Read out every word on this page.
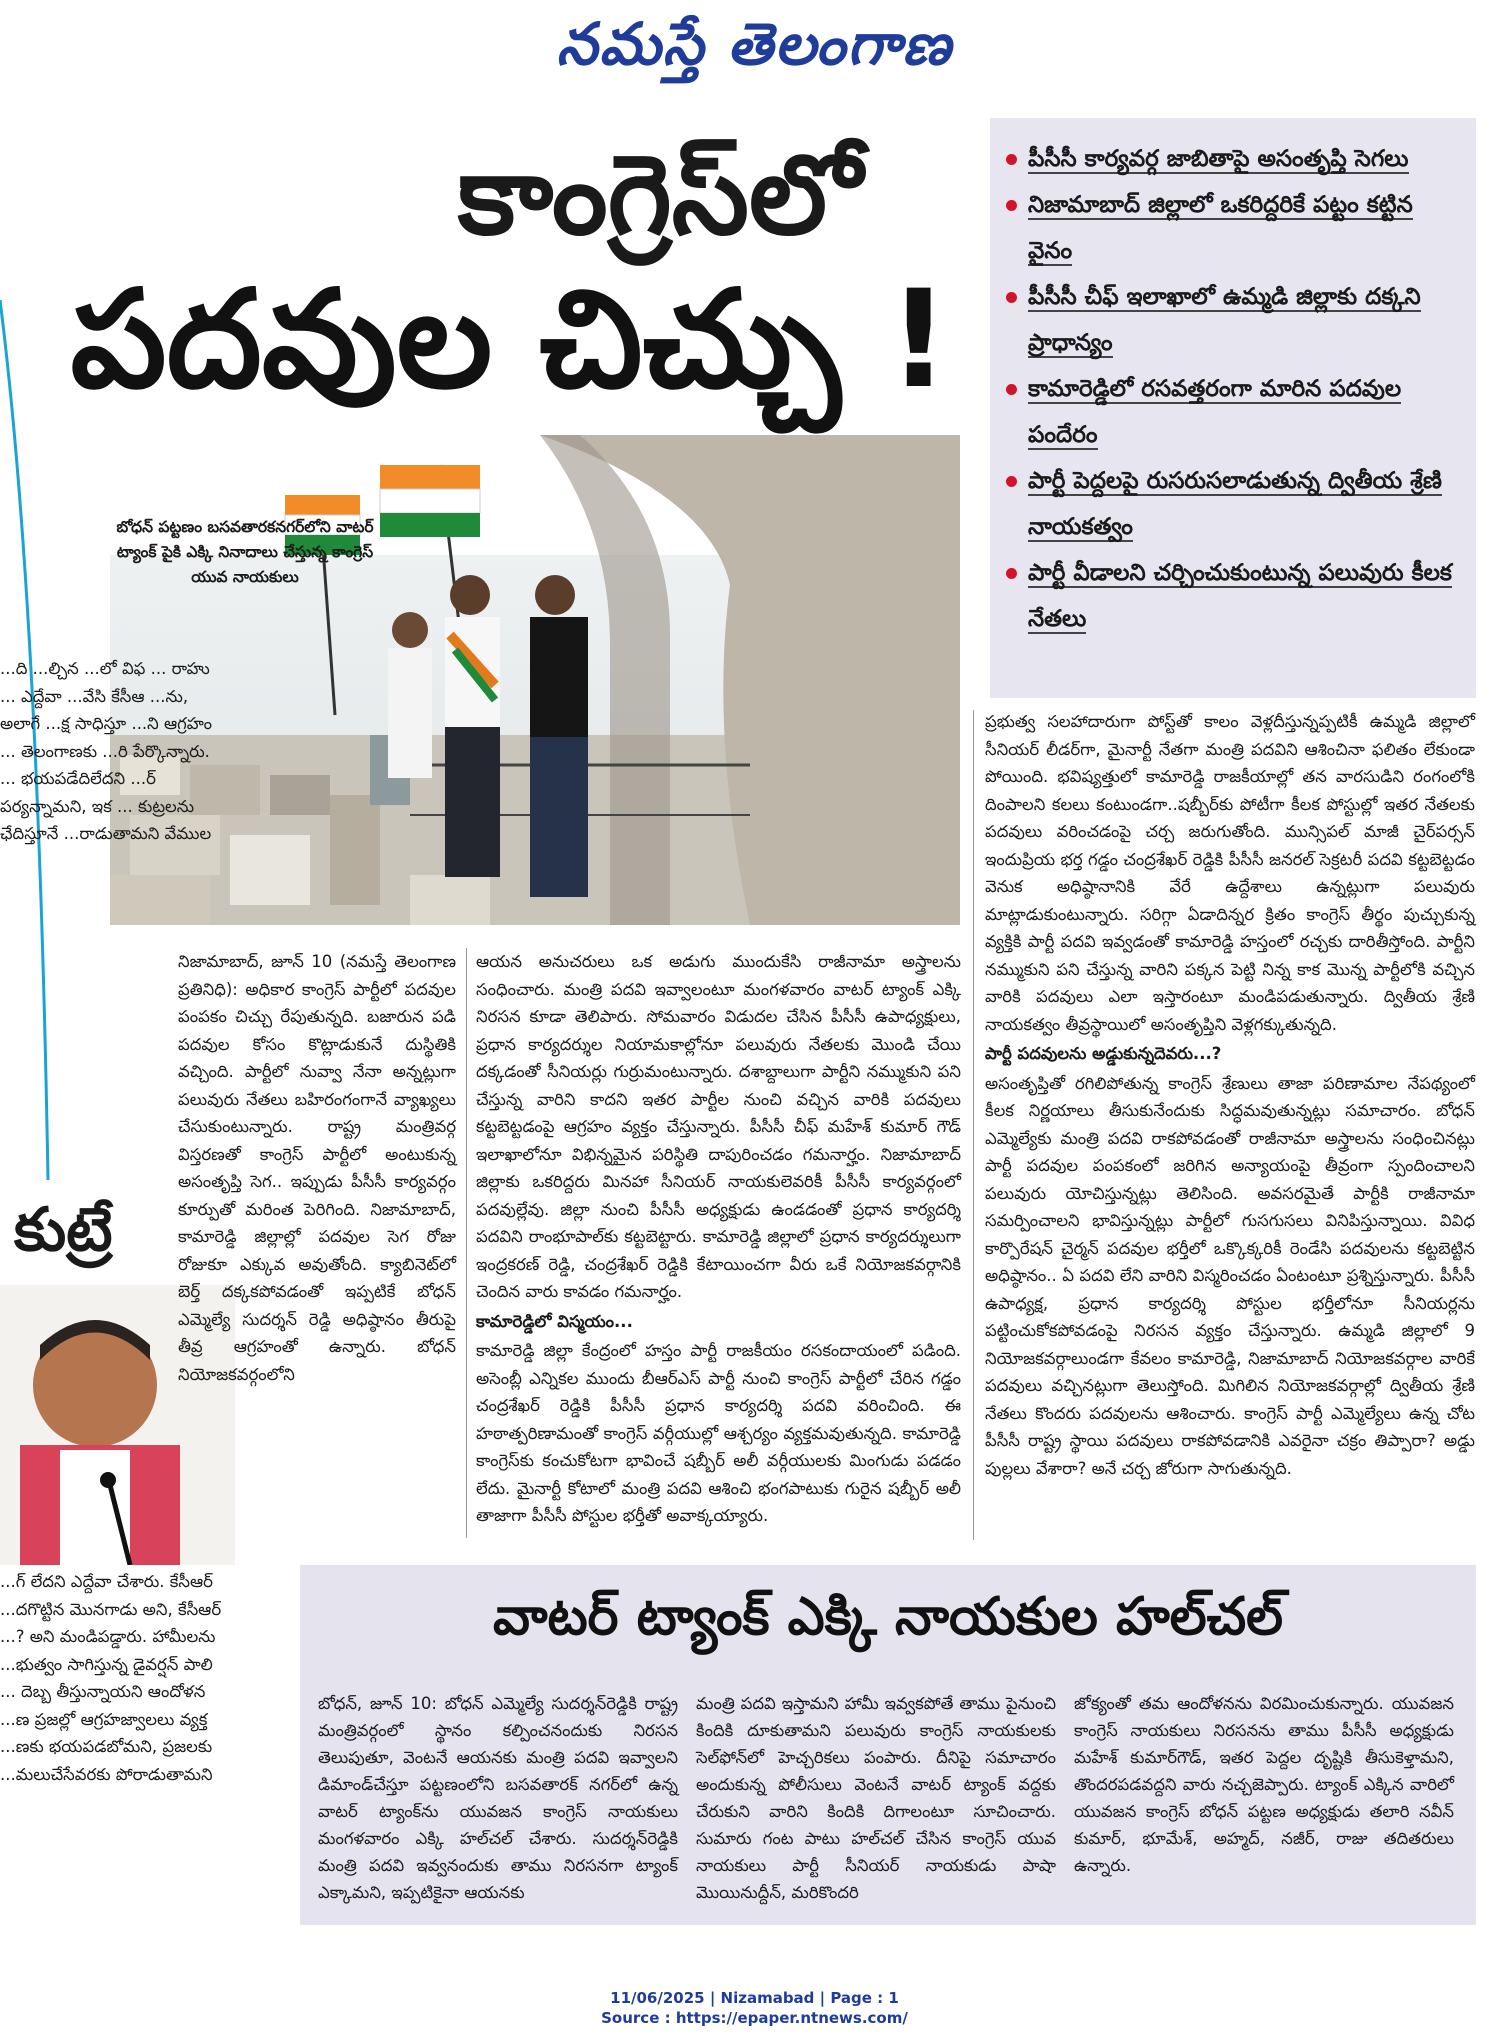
నమస్తే తెలంగాణ
కాంగ్రెస్‌లో
పదవుల చిచ్చు !
పీసీసీ కార్యవర్గ జాబితాపై అసంతృప్తి సెగలు
నిజామాబాద్ జిల్లాలో ఒకరిద్దరికే పట్టం కట్టిన వైనం
పీసీసీ చీఫ్ ఇలాఖాలో ఉమ్మడి జిల్లాకు దక్కని ప్రాధాన్యం
కామారెడ్డిలో రసవత్తరంగా మారిన పదవుల పందేరం
పార్టీ పెద్దలపై రుసరుసలాడుతున్న ద్వితీయ శ్రేణి నాయకత్వం
పార్టీ వీడాలని చర్చించుకుంటున్న పలువురు కీలక నేతలు
బోధన్ పట్టణం బసవతారకనగర్‌లోని వాటర్ ట్యాంక్ పైకి ఎక్కి నినాదాలు చేస్తున్న కాంగ్రెస్ యువ నాయకులు
...ది ...ల్చిన ...లో విఫ ... రాహు ... ఎద్దేవా ...వేసి కేసీఆ ...ను, అలాగే ...క్ష సాధిస్తూ ...ని ఆగ్రహం ... తెలంగాణకు ...రి పేర్కొన్నారు. ... భయపడేదిలేదని ...ర్ పర్యన్నామని, ఇక ... కుట్రలను ఛేదిస్తూనే ...రాడుతామని వేముల
కుట్రే
...గ్ లేదని ఎద్దేవా చేశారు. కేసీఆర్ ...దగొట్టిన మొనగాడు అని, కేసీఆర్ ...? అని మండిపడ్డారు. హామీలను ...భుత్వం సాగిస్తున్న డైవర్షన్ పాలి ... దెబ్బ తీస్తున్నాయని ఆందోళన ...ణ ప్రజల్లో ఆగ్రహజ్వాలలు వ్యక్త ...ణకు భయపడబోమని, ప్రజలకు ...మలుచేసేవరకు పోరాడుతామని

నిజామాబాద్, జూన్ 10 (నమస్తే తెలంగాణ ప్రతినిధి): అధికార కాంగ్రెస్ పార్టీలో పదవుల పంపకం చిచ్చు రేపుతున్నది. బజారున పడి పదవుల కోసం కొట్లాడుకునే దుస్థితికి వచ్చింది. పార్టీలో నువ్వా నేనా అన్నట్లుగా పలువురు నేతలు బహిరంగంగానే వ్యాఖ్యలు చేసుకుంటున్నారు. రాష్ట్ర మంత్రివర్గ విస్తరణతో కాంగ్రెస్ పార్టీలో అంటుకున్న అసంతృప్తి సెగ.. ఇప్పుడు పీసీసీ కార్యవర్గం కూర్పుతో మరింత పెరిగింది. నిజామాబాద్, కామారెడ్డి జిల్లాల్లో పదవుల సెగ రోజు రోజుకూ ఎక్కువ అవుతోంది. క్యాబినెట్‌లో బెర్త్ దక్కకపోవడంతో ఇప్పటికే బోధన్ ఎమ్మెల్యే సుదర్శన్ రెడ్డి అధిష్ఠానం తీరుపై తీవ్ర ఆగ్రహంతో ఉన్నారు. బోధన్ నియోజకవర్గంలోని

ఆయన అనుచరులు ఒక అడుగు ముందుకేసి రాజీనామా అస్త్రాలను సంధించారు. మంత్రి పదవి ఇవ్వాలంటూ మంగళవారం వాటర్ ట్యాంక్ ఎక్కి నిరసన కూడా తెలిపారు. సోమవారం విడుదల చేసిన పీసీసీ ఉపాధ్యక్షులు, ప్రధాన కార్యదర్శుల నియామకాల్లోనూ పలువురు నేతలకు మొండి చేయి దక్కడంతో సీనియర్లు గుర్రుమంటున్నారు. దశాబ్దాలుగా పార్టీని నమ్ముకుని పని చేస్తున్న వారిని కాదని ఇతర పార్టీల నుంచి వచ్చిన వారికి పదవులు కట్టబెట్టడంపై ఆగ్రహం వ్యక్తం చేస్తున్నారు. పీసీసీ చీఫ్ మహేశ్ కుమార్ గౌడ్ ఇలాఖాలోనూ విభిన్నమైన పరిస్థితి దాపురించడం గమనార్హం. నిజామాబాద్ జిల్లాకు ఒకరిద్దరు మినహా సీనియర్ నాయకులెవరికీ పీసీసీ కార్యవర్గంలో పదవుల్లేవు. జిల్లా నుంచి పీసీసీ అధ్యక్షుడు ఉండడంతో ప్రధాన కార్యదర్శి పదవిని రాంభూపాల్‌కు కట్టబెట్టారు. కామారెడ్డి జిల్లాలో ప్రధాన కార్యదర్శులుగా ఇంద్రకరణ్ రెడ్డి, చంద్రశేఖర్ రెడ్డికి కేటాయించగా వీరు ఒకే నియోజకవర్గానికి చెందిన వారు కావడం గమనార్హం.

కామారెడ్డిలో విస్మయం...

కామారెడ్డి జిల్లా కేంద్రంలో హస్తం పార్టీ రాజకీయం రసకందాయంలో పడింది. అసెంబ్లీ ఎన్నికల ముందు బీఆర్ఎస్ పార్టీ నుంచి కాంగ్రెస్ పార్టీలో చేరిన గడ్డం చంద్రశేఖర్ రెడ్డికి పీసీసీ ప్రధాన కార్యదర్శి పదవి వరించింది. ఈ హఠాత్పరిణామంతో కాంగ్రెస్ వర్గీయుల్లో ఆశ్చర్యం వ్యక్తమవుతున్నది. కామారెడ్డి కాంగ్రెస్‌కు కంచుకోటగా భావించే షబ్బీర్ అలీ వర్గీయులకు మింగుడు పడడం లేదు. మైనార్టీ కోటాలో మంత్రి పదవి ఆశించి భంగపాటుకు గురైన షబ్బీర్ అలీ తాజాగా పీసీసీ పోస్టుల భర్తీతో అవాక్కయ్యారు.

ప్రభుత్వ సలహాదారుగా పోస్ట్‌తో కాలం వెళ్లదీస్తున్నప్పటికీ ఉమ్మడి జిల్లాలో సీనియర్ లీడర్‌గా, మైనార్టీ నేతగా మంత్రి పదవిని ఆశించినా ఫలితం లేకుండా పోయింది. భవిష్యత్తులో కామారెడ్డి రాజకీయాల్లో తన వారసుడిని రంగంలోకి దింపాలని కలలు కంటుండగా..షబ్బీర్‌కు పోటీగా కీలక పోస్టుల్లో ఇతర నేతలకు పదవులు వరించడంపై చర్చ జరుగుతోంది. మున్సిపల్ మాజీ చైర్‌పర్సన్ ఇందుప్రియ భర్త గడ్డం చంద్రశేఖర్ రెడ్డికి పీసీసీ జనరల్ సెక్రటరీ పదవి కట్టబెట్టడం వెనుక అధిష్ఠానానికి వేరే ఉద్దేశాలు ఉన్నట్లుగా పలువురు మాట్లాడుకుంటున్నారు. సరిగ్గా ఏడాదిన్నర క్రితం కాంగ్రెస్ తీర్థం పుచ్చుకున్న వ్యక్తికి పార్టీ పదవి ఇవ్వడంతో కామారెడ్డి హస్తంలో రచ్చకు దారితీస్తోంది. పార్టీని నమ్ముకుని పని చేస్తున్న వారిని పక్కన పెట్టి నిన్న కాక మొన్న పార్టీలోకి వచ్చిన వారికి పదవులు ఎలా ఇస్తారంటూ మండిపడుతున్నారు. ద్వితీయ శ్రేణి నాయకత్వం తీవ్రస్థాయిలో అసంతృప్తిని వెళ్లగక్కుతున్నది.

పార్టీ పదవులను అడ్డుకున్నదెవరు...?

అసంతృప్తితో రగిలిపోతున్న కాంగ్రెస్ శ్రేణులు తాజా పరిణామాల నేపథ్యంలో కీలక నిర్ణయాలు తీసుకునేందుకు సిద్ధమవుతున్నట్లు సమాచారం. బోధన్ ఎమ్మెల్యేకు మంత్రి పదవి రాకపోవడంతో రాజీనామా అస్త్రాలను సంధించినట్లు పార్టీ పదవుల పంపకంలో జరిగిన అన్యాయంపై తీవ్రంగా స్పందించాలని పలువురు యోచిస్తున్నట్లు తెలిసింది. అవసరమైతే పార్టీకి రాజీనామా సమర్పించాలని భావిస్తున్నట్లు పార్టీలో గుసగుసలు వినిపిస్తున్నాయి. వివిధ కార్పొరేషన్ చైర్మన్ పదవుల భర్తీలో ఒక్కొక్కరికీ రెండేసి పదవులను కట్టబెట్టిన అధిష్ఠానం.. ఏ పదవి లేని వారిని విస్మరించడం ఏంటంటూ ప్రశ్నిస్తున్నారు. పీసీసీ ఉపాధ్యక్ష, ప్రధాన కార్యదర్శి పోస్టుల భర్తీలోనూ సీనియర్లను పట్టించుకోకపోవడంపై నిరసన వ్యక్తం చేస్తున్నారు. ఉమ్మడి జిల్లాలో 9 నియోజకవర్గాలుండగా కేవలం కామారెడ్డి, నిజామాబాద్ నియోజకవర్గాల వారికే పదవులు వచ్చినట్లుగా తెలుస్తోంది. మిగిలిన నియోజకవర్గాల్లో ద్వితీయ శ్రేణి నేతలు కొందరు పదవులను ఆశించారు. కాంగ్రెస్ పార్టీ ఎమ్మెల్యేలు ఉన్న చోట పీసీసీ రాష్ట్ర స్థాయి పదవులు రాకపోవడానికి ఎవరైనా చక్రం తిప్పారా? అడ్డు పుల్లలు వేశారా? అనే చర్చ జోరుగా సాగుతున్నది.

వాటర్ ట్యాంక్ ఎక్కి నాయకుల హల్‌చల్
బోధన్, జూన్ 10: బోధన్ ఎమ్మెల్యే సుదర్శన్‌రెడ్డికి రాష్ట్ర మంత్రివర్గంలో స్థానం కల్పించనందుకు నిరసన తెలుపుతూ, వెంటనే ఆయనకు మంత్రి పదవి ఇవ్వాలని డిమాండ్‌చేస్తూ పట్టణంలోని బసవతారక్ నగర్‌లో ఉన్న వాటర్ ట్యాంక్‌ను యువజన కాంగ్రెస్ నాయకులు మంగళవారం ఎక్కి హల్‌చల్ చేశారు. సుదర్శన్‌రెడ్డికి మంత్రి పదవి ఇవ్వనందుకు తాము నిరసనగా ట్యాంక్ ఎక్కామని, ఇప్పటికైనా ఆయనకు
మంత్రి పదవి ఇస్తామని హామీ ఇవ్వకపోతే తాము పైనుంచి కిందికి దూకుతామని పలువురు కాంగ్రెస్ నాయకులకు సెల్‌ఫోన్‌లో హెచ్చరికలు పంపారు. దీనిపై సమాచారం అందుకున్న పోలీసులు వెంటనే వాటర్ ట్యాంక్ వద్దకు చేరుకుని వారిని కిందికి దిగాలంటూ సూచించారు. సుమారు గంట పాటు హల్‌చల్ చేసిన కాంగ్రెస్ యువ నాయకులు పార్టీ సీనియర్ నాయకుడు పాషా మొయినుద్దీన్, మరికొందరి
జోక్యంతో తమ ఆందోళనను విరమించుకున్నారు. యువజన కాంగ్రెస్ నాయకులు నిరసనను తాము పీసీసీ అధ్యక్షుడు మహేశ్ కుమార్‌గౌడ్, ఇతర పెద్దల దృష్టికి తీసుకెళ్తామని, తొందరపడవద్దని వారు నచ్చజెప్పారు. ట్యాంక్ ఎక్కిన వారిలో యువజన కాంగ్రెస్ బోధన్ పట్టణ అధ్యక్షుడు తలారి నవీన్ కుమార్, భూమేశ్, అహ్మద్, నజీర్, రాజు తదితరులు ఉన్నారు.
11/06/2025 | Nizamabad | Page : 1
Source : https://epaper.ntnews.com/
